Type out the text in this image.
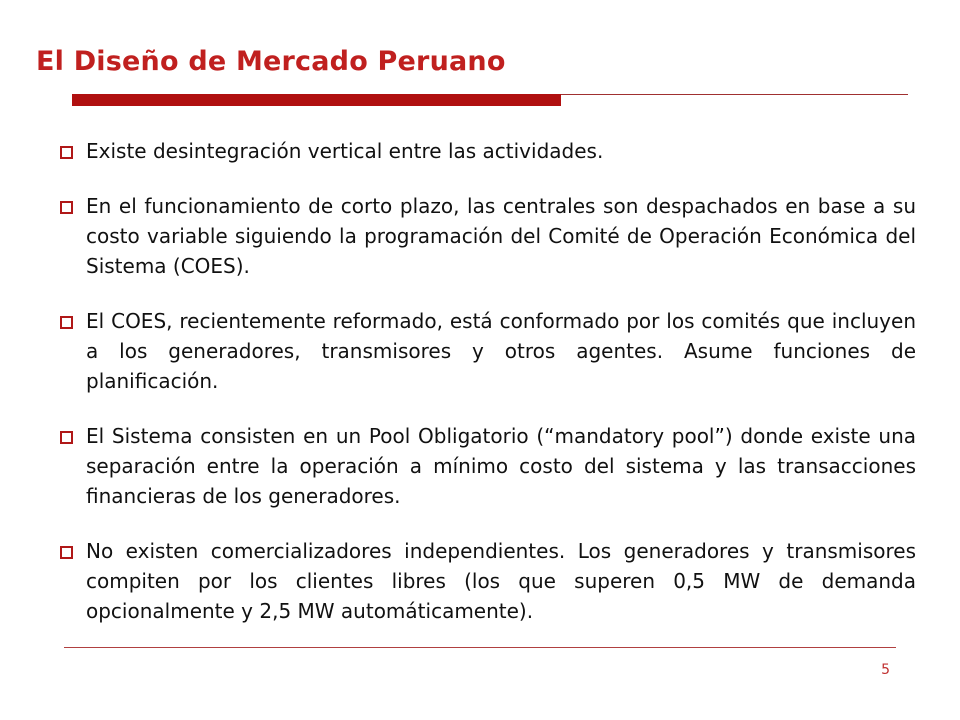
El Diseño de Mercado Peruano
Existe desintegración vertical entre las actividades.
En el funcionamiento de corto plazo, las centrales son despachados en base a su costo variable siguiendo la programación del Comité de Operación Económica del Sistema (COES).
El COES, recientemente reformado, está conformado por los comités que incluyen a los generadores, transmisores y otros agentes. Asume funciones de planificación.
El Sistema consisten en un Pool Obligatorio (“mandatory pool”) donde existe una separación entre la operación a mínimo costo del sistema y las transacciones financieras de los generadores.
No existen comercializadores independientes. Los generadores y transmisores compiten por los clientes libres (los que superen 0,5 MW de demanda opcionalmente y 2,5 MW automáticamente).
5
